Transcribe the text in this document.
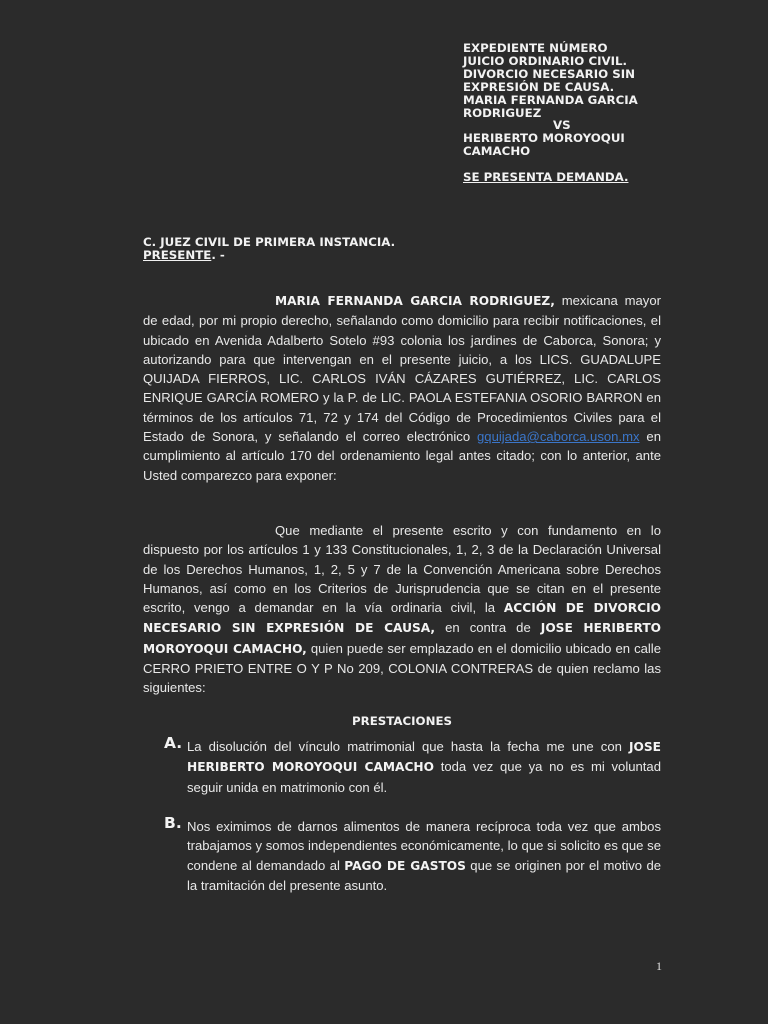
EXPEDIENTE NÚMERO
JUICIO ORDINARIO CIVIL.
DIVORCIO NECESARIO SIN
EXPRESIÓN DE CAUSA.
MARIA FERNANDA GARCIA
RODRIGUEZ
VS
HERIBERTO MOROYOQUI
CAMACHO
SE PRESENTA DEMANDA.
C. JUEZ CIVIL DE PRIMERA INSTANCIA.
PRESENTE. -
MARIA FERNANDA GARCIA RODRIGUEZ, mexicana mayor de edad, por mi propio derecho, señalando como domicilio para recibir notificaciones, el ubicado en Avenida Adalberto Sotelo #93 colonia los jardines de Caborca, Sonora; y autorizando para que intervengan en el presente juicio, a los LICS. GUADALUPE QUIJADA FIERROS, LIC. CARLOS IVÁN CÁZARES GUTIÉRREZ, LIC. CARLOS ENRIQUE GARCÍA ROMERO y la P. de LIC. PAOLA ESTEFANIA OSORIO BARRON en términos de los artículos 71, 72 y 174 del Código de Procedimientos Civiles para el Estado de Sonora, y señalando el correo electrónico gquijada@caborca.uson.mx en cumplimiento al artículo 170 del ordenamiento legal antes citado; con lo anterior, ante Usted comparezco para exponer:
Que mediante el presente escrito y con fundamento en lo dispuesto por los artículos 1 y 133 Constitucionales, 1, 2, 3 de la Declaración Universal de los Derechos Humanos, 1, 2, 5 y 7 de la Convención Americana sobre Derechos Humanos, así como en los Criterios de Jurisprudencia que se citan en el presente escrito, vengo a demandar en la vía ordinaria civil, la ACCIÓN DE DIVORCIO NECESARIO SIN EXPRESIÓN DE CAUSA, en contra de JOSE HERIBERTO MOROYOQUI CAMACHO, quien puede ser emplazado en el domicilio ubicado en calle CERRO PRIETO ENTRE O Y P No 209, COLONIA CONTRERAS de quien reclamo las siguientes:
PRESTACIONES
A. La disolución del vínculo matrimonial que hasta la fecha me une con JOSE HERIBERTO MOROYOQUI CAMACHO toda vez que ya no es mi voluntad seguir unida en matrimonio con él.
B. Nos eximimos de darnos alimentos de manera recíproca toda vez que ambos trabajamos y somos independientes económicamente, lo que si solicito es que se condene al demandado al PAGO DE GASTOS que se originen por el motivo de la tramitación del presente asunto.
1
